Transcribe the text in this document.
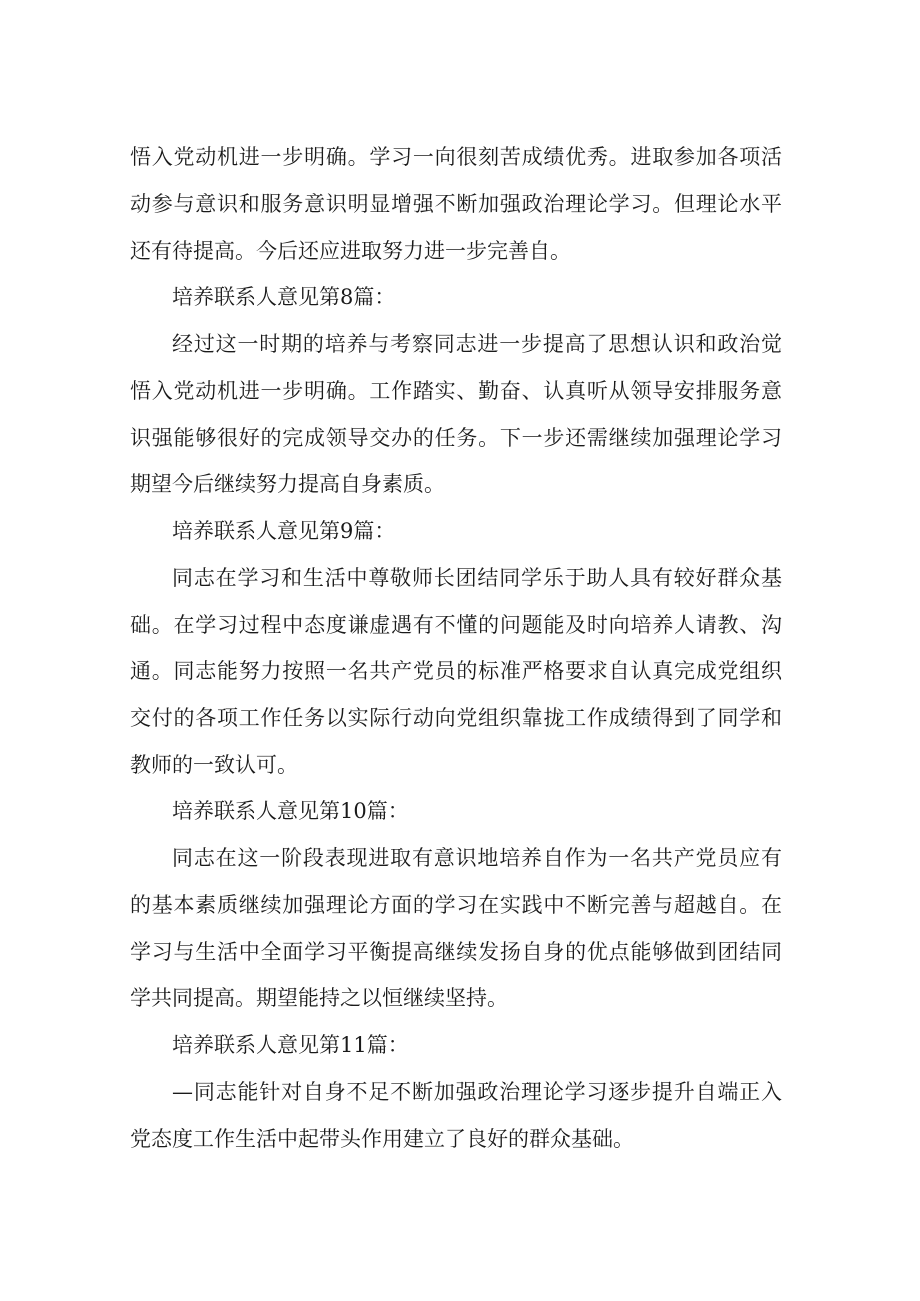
悟入党动机进一步明确。学习一向很刻苦成绩优秀。进取参加各项活
动参与意识和服务意识明显增强不断加强政治理论学习。但理论水平
还有待提高。今后还应进取努力进一步完善自。
培养联系人意见第8篇：
经过这一时期的培养与考察同志进一步提高了思想认识和政治觉
悟入党动机进一步明确。工作踏实、勤奋、认真听从领导安排服务意
识强能够很好的完成领导交办的任务。下一步还需继续加强理论学习
期望今后继续努力提高自身素质。
培养联系人意见第9篇：
同志在学习和生活中尊敬师长团结同学乐于助人具有较好群众基
础。在学习过程中态度谦虚遇有不懂的问题能及时向培养人请教、沟
通。同志能努力按照一名共产党员的标准严格要求自认真完成党组织
交付的各项工作任务以实际行动向党组织靠拢工作成绩得到了同学和
教师的一致认可。
培养联系人意见第10篇：
同志在这一阶段表现进取有意识地培养自作为一名共产党员应有
的基本素质继续加强理论方面的学习在实践中不断完善与超越自。在
学习与生活中全面学习平衡提高继续发扬自身的优点能够做到团结同
学共同提高。期望能持之以恒继续坚持。
培养联系人意见第11篇：
—同志能针对自身不足不断加强政治理论学习逐步提升自端正入
党态度工作生活中起带头作用建立了良好的群众基础。
